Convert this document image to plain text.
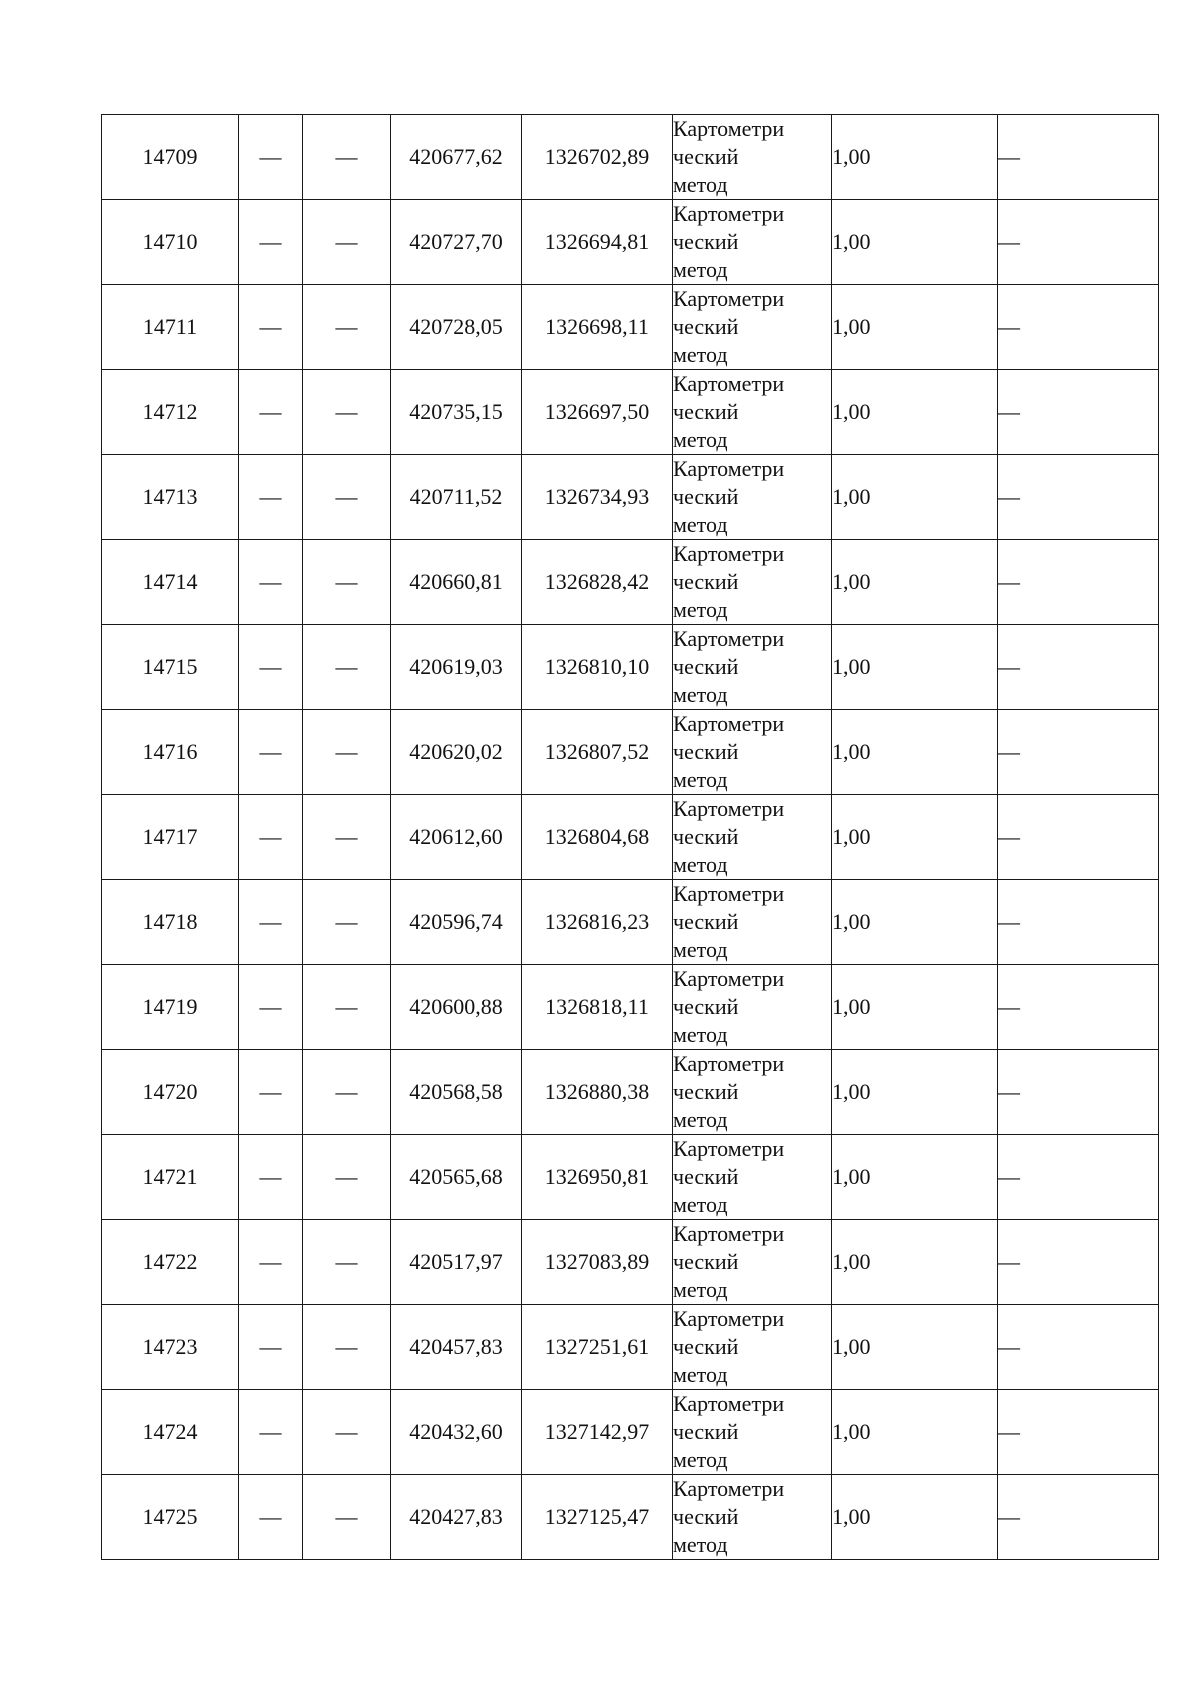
14709	—	—	420677,62	1326702,89	Картометри
ческий
метод	1,00	—
14710	—	—	420727,70	1326694,81	Картометри
ческий
метод	1,00	—
14711	—	—	420728,05	1326698,11	Картометри
ческий
метод	1,00	—
14712	—	—	420735,15	1326697,50	Картометри
ческий
метод	1,00	—
14713	—	—	420711,52	1326734,93	Картометри
ческий
метод	1,00	—
14714	—	—	420660,81	1326828,42	Картометри
ческий
метод	1,00	—
14715	—	—	420619,03	1326810,10	Картометри
ческий
метод	1,00	—
14716	—	—	420620,02	1326807,52	Картометри
ческий
метод	1,00	—
14717	—	—	420612,60	1326804,68	Картометри
ческий
метод	1,00	—
14718	—	—	420596,74	1326816,23	Картометри
ческий
метод	1,00	—
14719	—	—	420600,88	1326818,11	Картометри
ческий
метод	1,00	—
14720	—	—	420568,58	1326880,38	Картометри
ческий
метод	1,00	—
14721	—	—	420565,68	1326950,81	Картометри
ческий
метод	1,00	—
14722	—	—	420517,97	1327083,89	Картометри
ческий
метод	1,00	—
14723	—	—	420457,83	1327251,61	Картометри
ческий
метод	1,00	—
14724	—	—	420432,60	1327142,97	Картометри
ческий
метод	1,00	—
14725	—	—	420427,83	1327125,47	Картометри
ческий
метод	1,00	—
